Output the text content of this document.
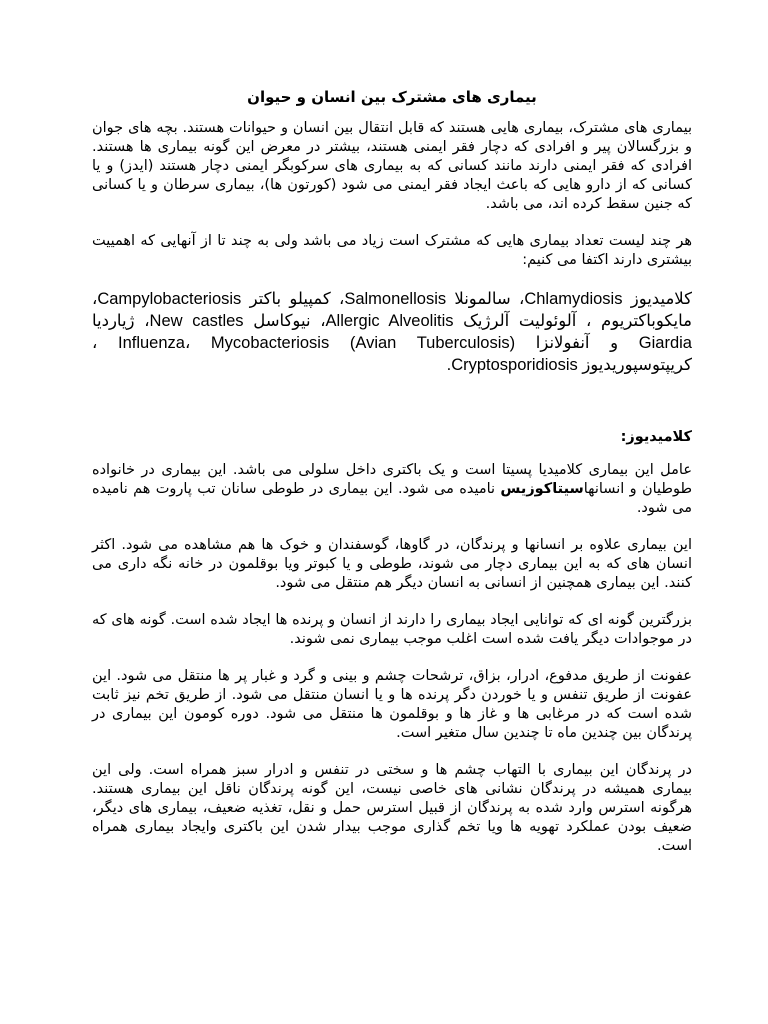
بیماری های مشترک بین انسان و حیوان

بیماری های مشترک، بیماری هایی هستند که قابل انتقال بین انسان و حیوانات هستند. بچه های جوان و بزرگسالان پیر و افرادی که دچار فقر ایمنی هستند، بیشتر در معرض این گونه بیماری ها هستند. افرادی که فقر ایمنی دارند مانند کسانی که به بیماری های سرکوبگر ایمنی دچار هستند (ایدز) و یا کسانی که از دارو هایی که باعث ایجاد فقر ایمنی می شود (کورتون ها)، بیماری سرطان و یا کسانی که جنین سقط کرده اند، می باشد.

هر چند لیست تعداد بیماری هایی که مشترک است زیاد می باشد ولی به چند تا از آنهایی که اهمییت بیشتری دارند اکتفا می کنیم:

کلامیدیوز Chlamydiosis، سالمونلا Salmonellosis، کمپیلو باکتر Campylobacteriosis، مایکوباکتریوم ، آلوئولیت آلرژیک Allergic Alveolitis، نیوکاسل New castles، ژیاردیا Giardia و آنفولانزا Influenza، Mycobacteriosis (Avian Tuberculosis) ، کریپتوسپوریدیوز Cryptosporidiosis.

کلامیدیوز:

عامل این بیماری کلامیدیا پسیتا است و یک باکتری داخل سلولی می باشد. این بیماری در خانواده طوطیان و انسانهاسیتاکوزیس نامیده می شود. این بیماری در طوطی سانان تب پاروت هم نامیده می شود.

این بیماری علاوه بر انسانها و پرندگان، در گاوها، گوسفندان و خوک ها هم مشاهده می شود. اکثر انسان های که به این بیماری دچار می شوند، طوطی و یا کبوتر ویا بوقلمون در خانه نگه داری می کنند. این بیماری همچنین از انسانی به انسان دیگر هم منتقل می شود.

بزرگترین گونه ای که توانایی ایجاد بیماری را دارند از انسان و پرنده ها ایجاد شده است. گونه های که در موجوادات دیگر یافت شده است اغلب موجب بیماری نمی شوند.

عفونت از طریق مدفوع، ادرار، بزاق، ترشحات چشم و بینی و گرد و غبار پر ها منتقل می شود. این عفونت از طریق تنفس و یا خوردن دگر پرنده ها و یا انسان منتقل می شود. از طریق تخم نیز ثابت شده است که در مرغابی ها و غاز ها و بوقلمون ها منتقل می شود. دوره کومون این بیماری در پرندگان بین چندین ماه تا چندین سال متغیر است.

در پرندگان این بیماری با التهاب چشم ها و سختی در تنفس و ادرار سبز همراه است. ولی این بیماری همیشه در پرندگان نشانی های خاصی نیست، این گونه پرندگان ناقل این بیماری هستند. هرگونه استرس وارد شده به پرندگان از قبیل استرس حمل و نقل، تغذیه ضعیف، بیماری های دیگر، ضعیف بودن عملکرد تهویه ها ویا تخم گذاری موجب بیدار شدن این باکتری وایجاد بیماری همراه است.
